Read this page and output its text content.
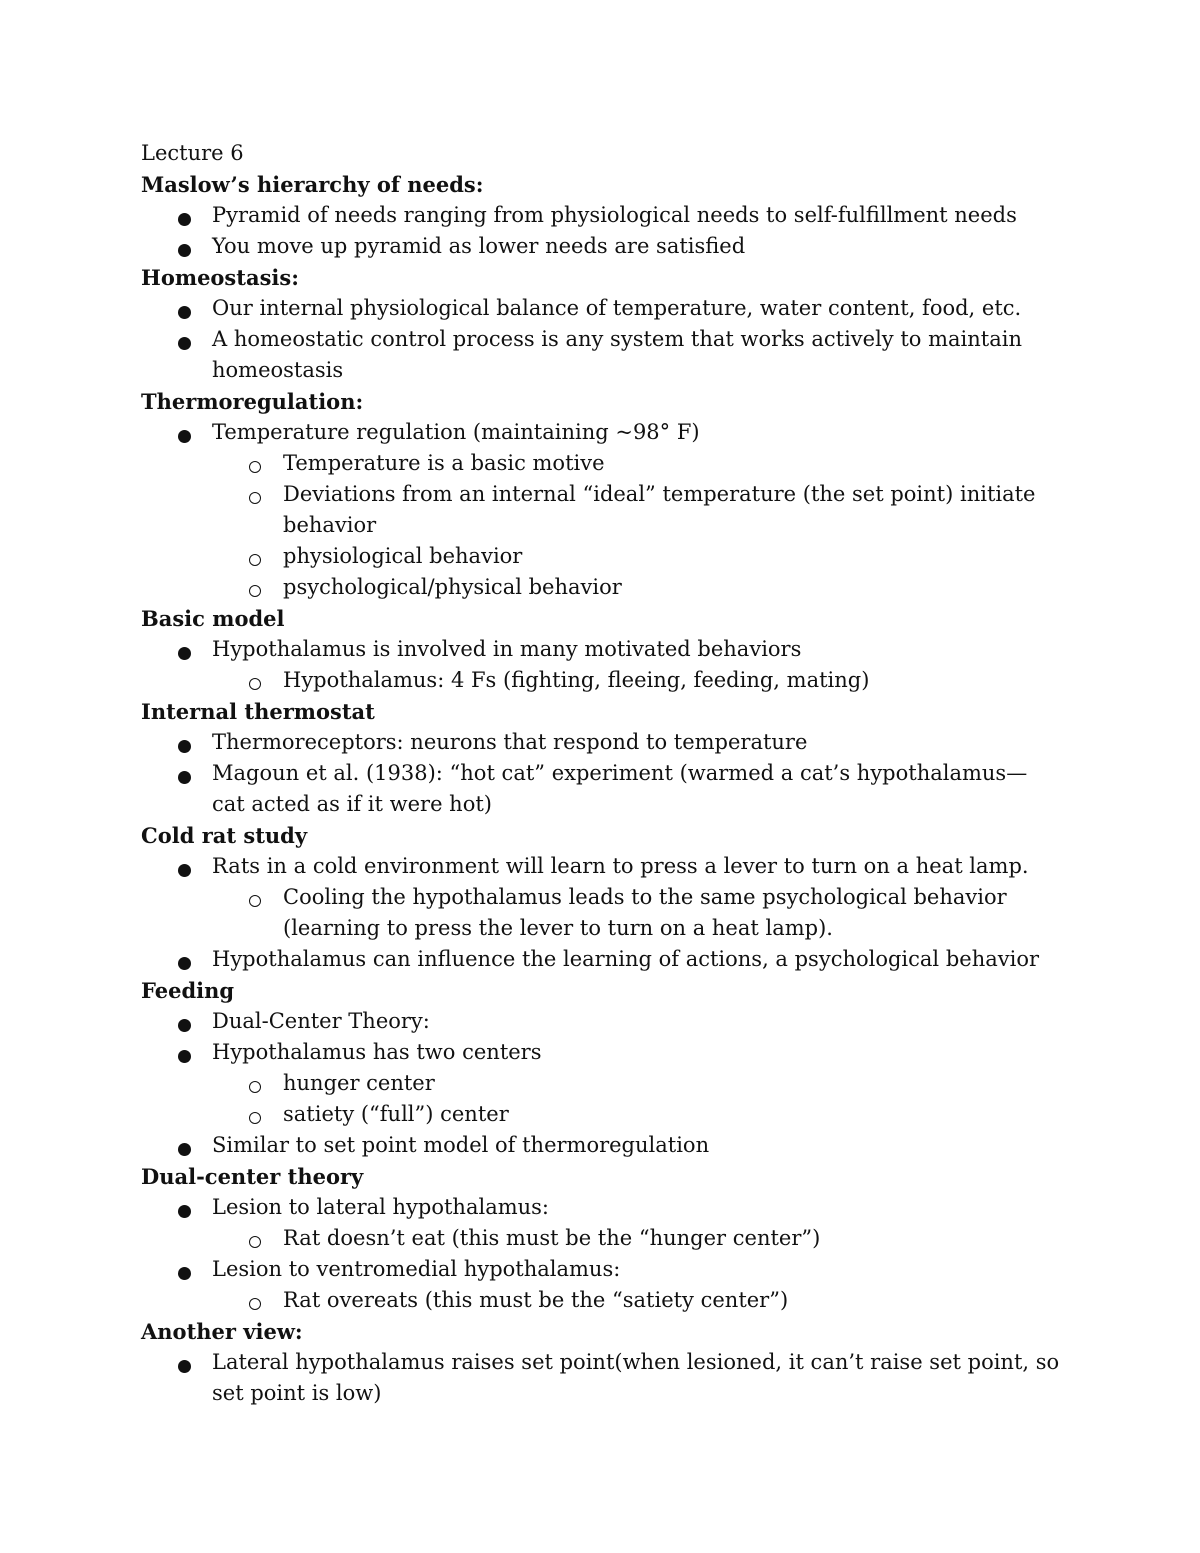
Lecture 6
Maslow’s hierarchy of needs:
Pyramid of needs ranging from physiological needs to self-fulfillment needs
You move up pyramid as lower needs are satisfied
Homeostasis:
Our internal physiological balance of temperature, water content, food, etc.
A homeostatic control process is any system that works actively to maintain homeostasis
Thermoregulation:
Temperature regulation (maintaining ~98° F)
Temperature is a basic motive
Deviations from an internal “ideal” temperature (the set point) initiate behavior
physiological behavior
psychological/physical behavior
Basic model
Hypothalamus is involved in many motivated behaviors
Hypothalamus: 4 Fs (fighting, fleeing, feeding, mating)
Internal thermostat
Thermoreceptors: neurons that respond to temperature
Magoun et al. (1938): “hot cat” experiment (warmed a cat’s hypothalamus— cat acted as if it were hot)
Cold rat study
Rats in a cold environment will learn to press a lever to turn on a heat lamp.
Cooling the hypothalamus leads to the same psychological behavior (learning to press the lever to turn on a heat lamp).
Hypothalamus can influence the learning of actions, a psychological behavior
Feeding
Dual-Center Theory:
Hypothalamus has two centers
hunger center
satiety (“full”) center
Similar to set point model of thermoregulation
Dual-center theory
Lesion to lateral hypothalamus:
Rat doesn’t eat (this must be the “hunger center”)
Lesion to ventromedial hypothalamus:
Rat overeats (this must be the “satiety center”)
Another view:
Lateral hypothalamus raises set point(when lesioned, it can’t raise set point, so set point is low)
